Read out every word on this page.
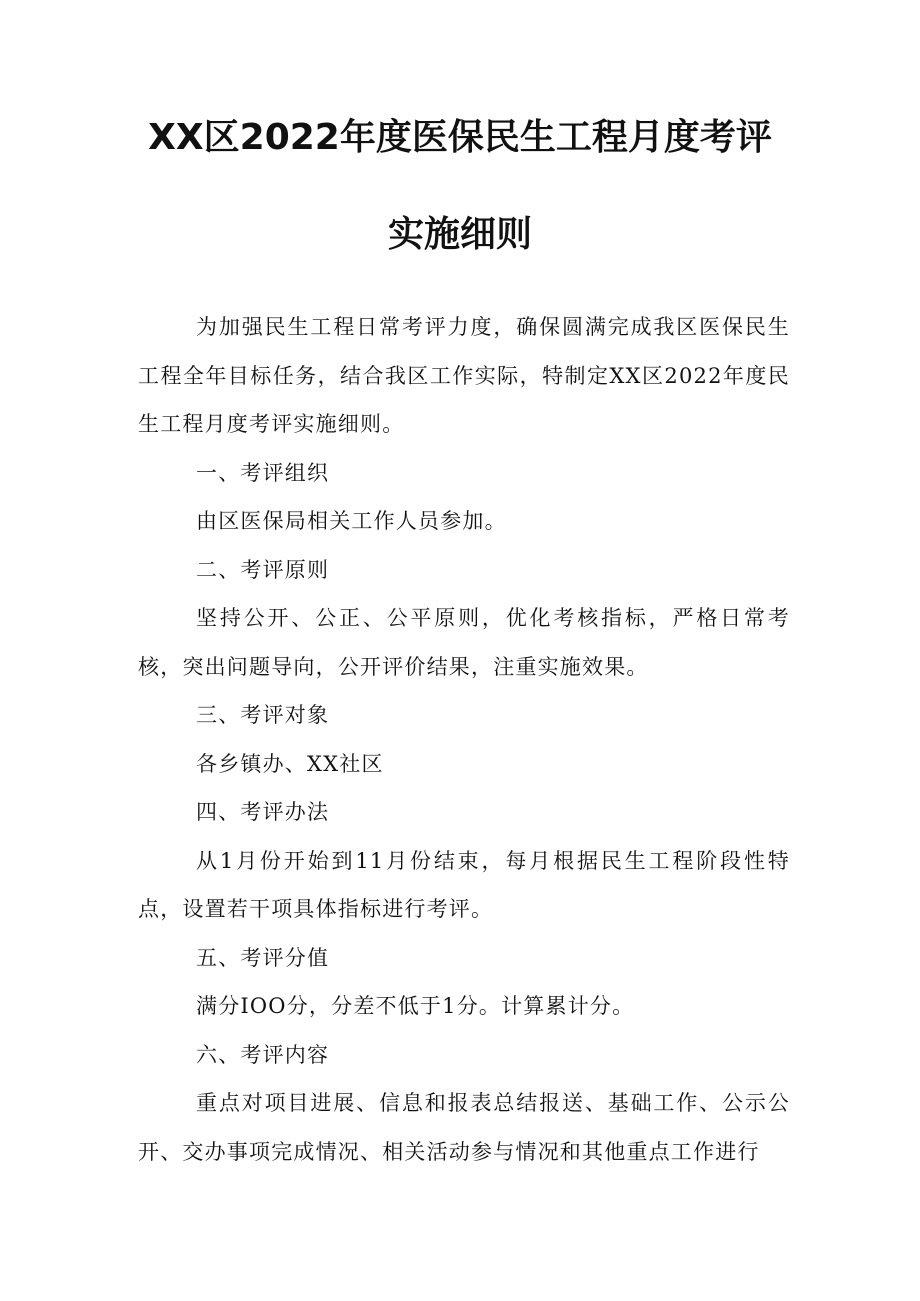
XX区2022年度医保民生工程月度考评
实施细则

为加强民生工程日常考评力度，确保圆满完成我区医保民生工程全年目标任务，结合我区工作实际，特制定XX区2022年度民生工程月度考评实施细则。

一、考评组织

由区医保局相关工作人员参加。

二、考评原则

坚持公开、公正、公平原则，优化考核指标，严格日常考核，突出问题导向，公开评价结果，注重实施效果。

三、考评对象

各乡镇办、XX社区

四、考评办法

从1月份开始到11月份结束，每月根据民生工程阶段性特点，设置若干项具体指标进行考评。

五、考评分值

满分IOO分，分差不低于1分。计算累计分。

六、考评内容

重点对项目进展、信息和报表总结报送、基础工作、公示公开、交办事项完成情况、相关活动参与情况和其他重点工作进行
